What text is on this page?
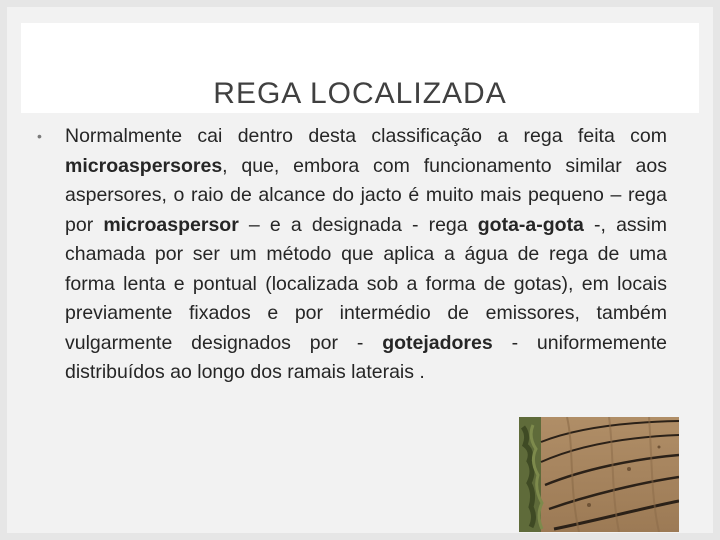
REGA LOCALIZADA
• Normalmente cai dentro desta classificação a rega feita com microaspersores, que, embora com funcionamento similar aos aspersores, o raio de alcance do jacto é muito mais pequeno – rega por microaspersor – e a designada - rega gota-a-gota -, assim chamada por ser um método que aplica a água de rega de uma forma lenta e pontual (localizada sob a forma de gotas), em locais previamente fixados e por intermédio de emissores, também vulgarmente designados por - gotejadores - uniformemente distribuídos ao longo dos ramais laterais .
